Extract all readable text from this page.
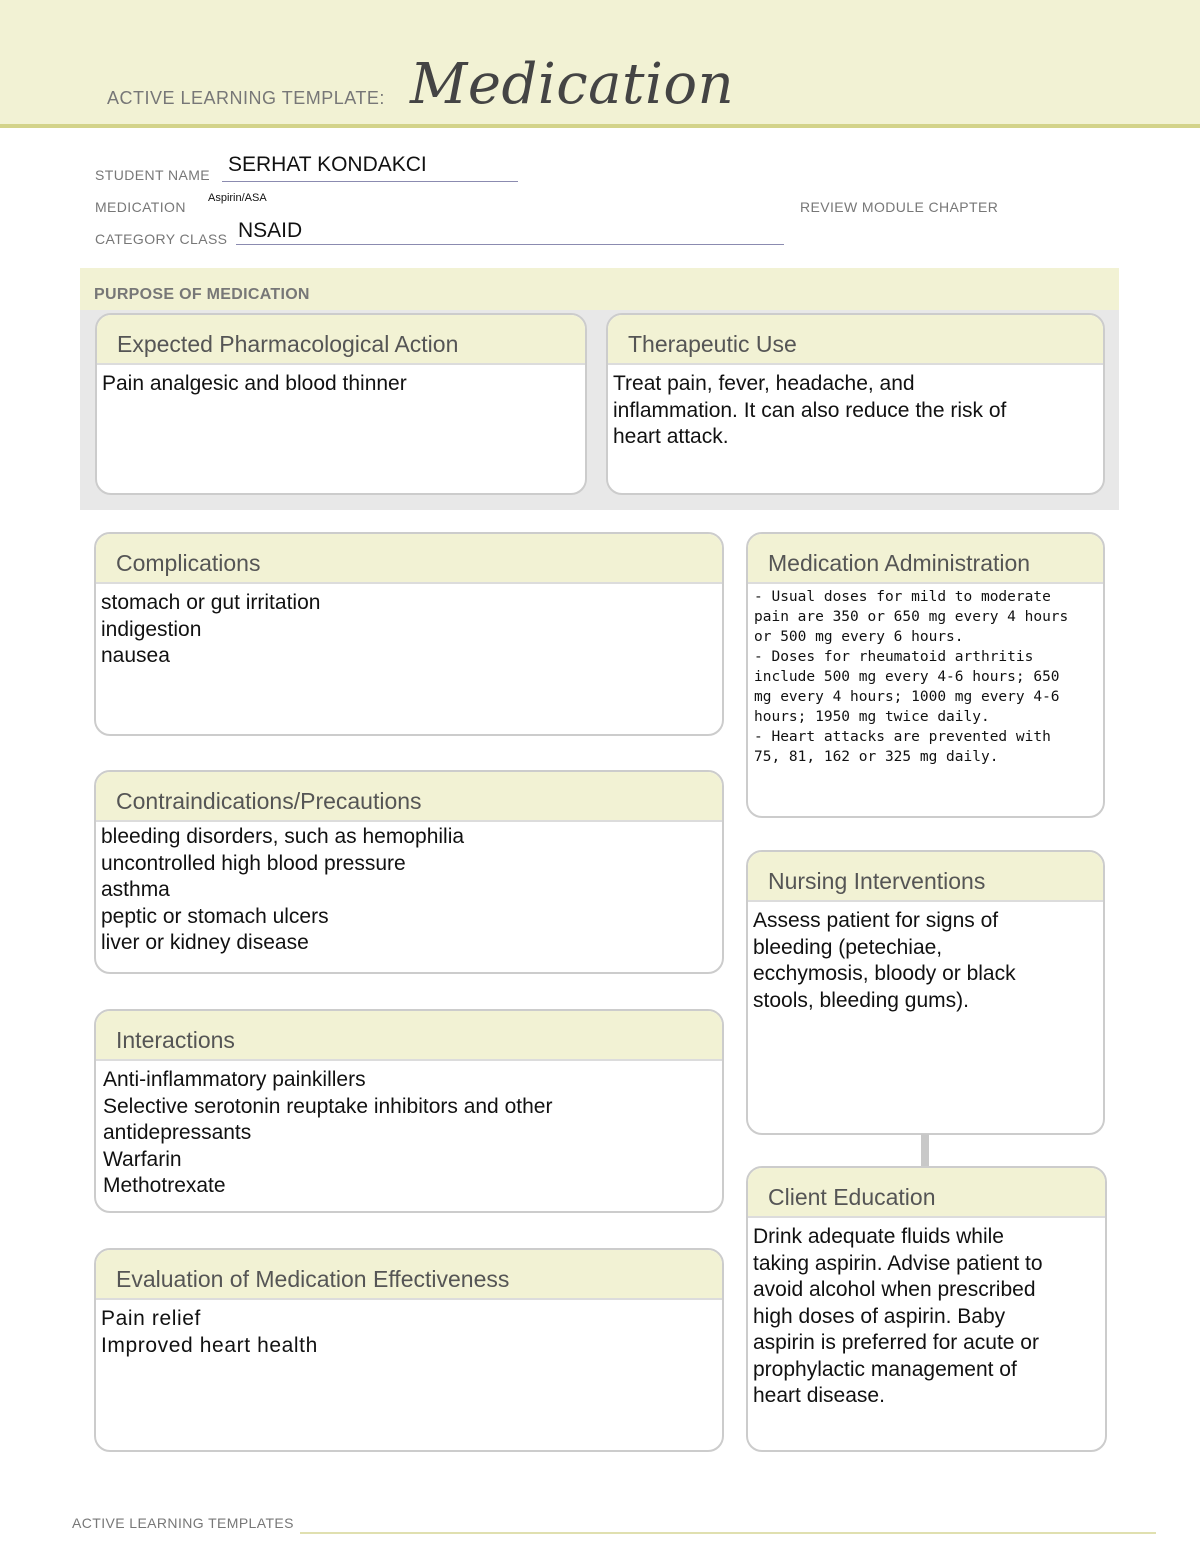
ACTIVE LEARNING TEMPLATE: Medication
STUDENT NAME SERHAT KONDAKCI
MEDICATION
Aspirin/ASA
REVIEW MODULE CHAPTER
CATEGORY CLASS NSAID
PURPOSE OF MEDICATION
Expected Pharmacological Action
Pain analgesic and blood thinner
Therapeutic Use
Treat pain, fever, headache, and
inflammation. It can also reduce the risk of
heart attack.
Complications
stomach or gut irritation
indigestion
nausea
Contraindications/Precautions
bleeding disorders, such as hemophilia
uncontrolled high blood pressure
asthma
peptic or stomach ulcers
liver or kidney disease
Interactions
Anti-inflammatory painkillers
Selective serotonin reuptake inhibitors and other
antidepressants
Warfarin
Methotrexate
Evaluation of Medication Effectiveness
Pain relief
Improved heart health
Medication Administration
- Usual doses for mild to moderate
pain are 350 or 650 mg every 4 hours
or 500 mg every 6 hours.
- Doses for rheumatoid arthritis
include 500 mg every 4-6 hours; 650
mg every 4 hours; 1000 mg every 4-6
hours; 1950 mg twice daily.
- Heart attacks are prevented with
75, 81, 162 or 325 mg daily.
Nursing Interventions
Assess patient for signs of
bleeding (petechiae,
ecchymosis, bloody or black
stools, bleeding gums).
Client Education
Drink adequate fluids while
taking aspirin. Advise patient to
avoid alcohol when prescribed
high doses of aspirin. Baby
aspirin is preferred for acute or
prophylactic management of
heart disease.
ACTIVE LEARNING TEMPLATES
